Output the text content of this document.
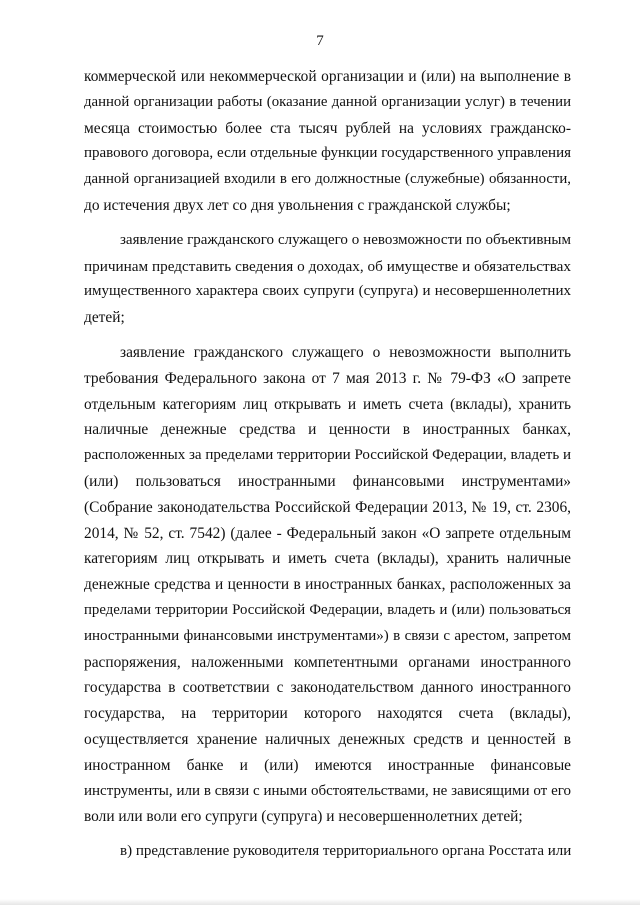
7

коммерческой или некоммерческой организации и (или) на выполнение в
данной организации работы (оказание данной организации услуг) в течении
месяца стоимостью более ста тысяч рублей на условиях гражданско-
правового договора, если отдельные функции государственного управления
данной организацией входили в его должностные (служебные) обязанности,
до истечения двух лет со дня увольнения с гражданской службы;

заявление гражданского служащего о невозможности по объективным
причинам представить сведения о доходах, об имуществе и обязательствах
имущественного характера своих супруги (супруга) и несовершеннолетних
детей;

заявление гражданского служащего о невозможности выполнить
требования Федерального закона от 7 мая 2013 г. № 79-ФЗ «О запрете
отдельным категориям лиц открывать и иметь счета (вклады), хранить
наличные денежные средства и ценности в иностранных банках,
расположенных за пределами территории Российской Федерации, владеть и
(или) пользоваться иностранными финансовыми инструментами»
(Собрание законодательства Российской Федерации 2013, № 19, ст. 2306,
2014, № 52, ст. 7542) (далее - Федеральный закон «О запрете отдельным
категориям лиц открывать и иметь счета (вклады), хранить наличные
денежные средства и ценности в иностранных банках, расположенных за
пределами территории Российской Федерации, владеть и (или) пользоваться
иностранными финансовыми инструментами») в связи с арестом, запретом
распоряжения, наложенными компетентными органами иностранного
государства в соответствии с законодательством данного иностранного
государства, на территории которого находятся счета (вклады),
осуществляется хранение наличных денежных средств и ценностей в
иностранном банке и (или) имеются иностранные финансовые
инструменты, или в связи с иными обстоятельствами, не зависящими от его
воли или воли его супруги (супруга) и несовершеннолетних детей;

в) представление руководителя территориального органа Росстата или
